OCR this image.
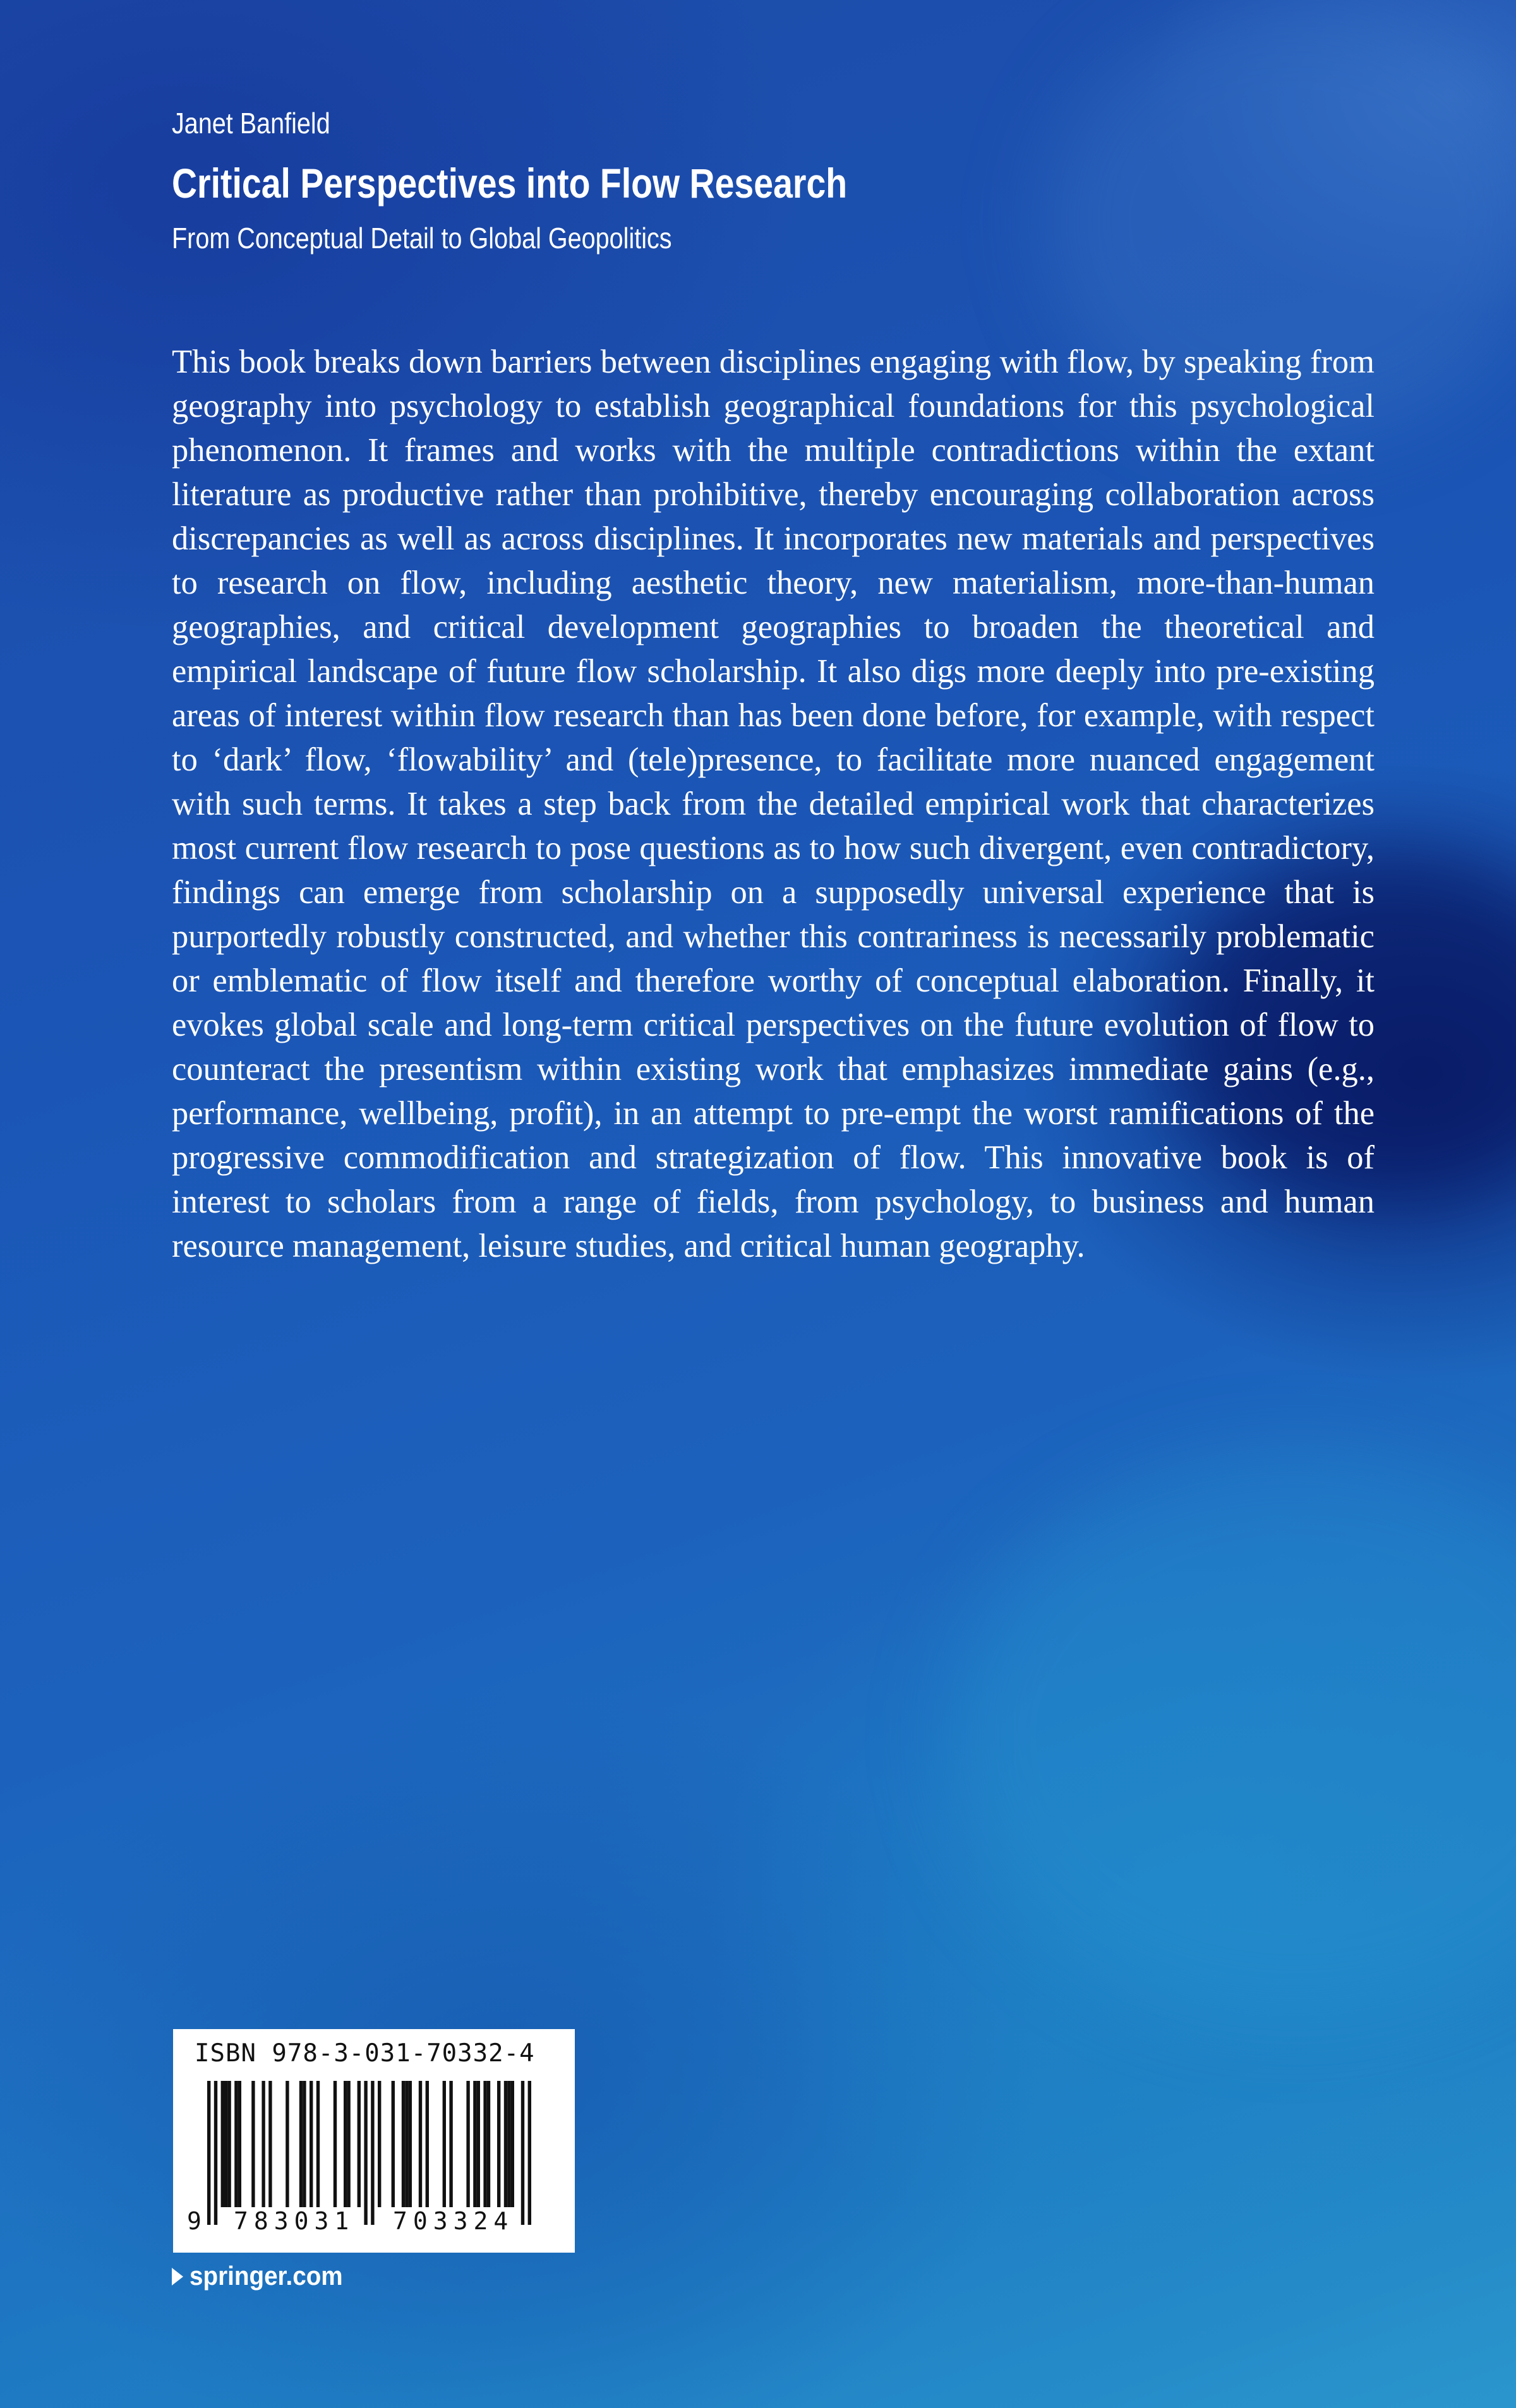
Janet Banfield
Critical Perspectives into Flow Research
From Conceptual Detail to Global Geopolitics

This book breaks down barriers between disciplines engaging with flow, by speaking from geography into psychology to establish geographical foundations for this psychological phenomenon. It frames and works with the multiple contradictions within the extant literature as productive rather than prohibitive, thereby encouraging collaboration across discrepancies as well as across disciplines. It incorporates new materials and perspectives to research on flow, including aesthetic theory, new materialism, more-than-human geographies, and critical development geographies to broaden the theoretical and empirical landscape of future flow scholarship. It also digs more deeply into pre-existing areas of interest within flow research than has been done before, for example, with respect to ‘dark’ flow, ‘flowability’ and (tele)presence, to facilitate more nuanced engagement with such terms. It takes a step back from the detailed empirical work that characterizes most current flow research to pose questions as to how such divergent, even contradictory, findings can emerge from scholarship on a supposedly universal experience that is purportedly robustly constructed, and whether this contrariness is necessarily problematic or emblematic of flow itself and therefore worthy of conceptual elaboration. Finally, it evokes global scale and long-term critical perspectives on the future evolution of flow to counteract the presentism within existing work that emphasizes immediate gains (e.g., performance, wellbeing, profit), in an attempt to pre-empt the worst ramifications of the progressive commodification and strategization of flow. This innovative book is of interest to scholars from a range of fields, from psychology, to business and human resource management, leisure studies, and critical human geography.

ISBN 978-3-031-70332-4
9 783031 703324
springer.com
